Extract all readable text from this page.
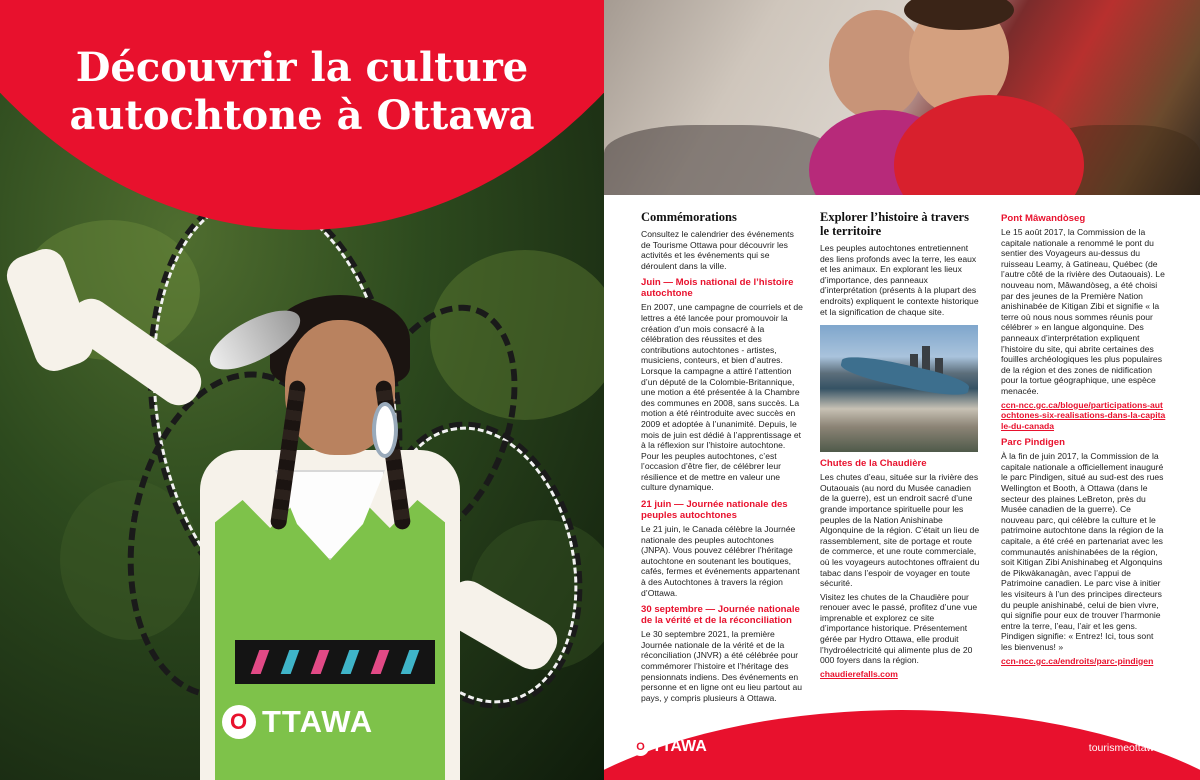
Découvrir la culture
autochtone à Ottawa
O TTAWA
Commémorations

Consultez le calendrier des événements de Tourisme Ottawa pour découvrir les activités et les événements qui se déroulent dans la ville.

Juin — Mois national de l’histoire autochtone

En 2007, une campagne de courriels et de lettres a été lancée pour promouvoir la création d’un mois consacré à la célébration des réussites et des contributions autochtones - artistes, musiciens, conteurs, et bien d’autres. Lorsque la campagne a attiré l’attention d’un député de la Colombie-Britannique, une motion a été présentée à la Chambre des communes en 2008, sans succès. La motion a été réintroduite avec succès en 2009 et adoptée à l’unanimité. Depuis, le mois de juin est dédié à l’apprentissage et à la réflexion sur l’histoire autochtone. Pour les peuples autochtones, c’est l’occasion d’être fier, de célébrer leur résilience et de mettre en valeur une culture dynamique.

21 juin — Journée nationale des peuples autochtones

Le 21 juin, le Canada célèbre la Journée nationale des peuples autochtones (JNPA). Vous pouvez célébrer l’héritage autochtone en soutenant les boutiques, cafés, fermes et événements appartenant à des Autochtones à travers la région d’Ottawa.

30 septembre — Journée nationale de la vérité et de la réconciliation

Le 30 septembre 2021, la première Journée nationale de la vérité et de la réconciliation (JNVR) a été célébrée pour commémorer l’histoire et l’héritage des pensionnats indiens. Des événements en personne et en ligne ont eu lieu partout au pays, y compris plusieurs à Ottawa.

Explorer l’histoire à travers le territoire

Les peuples autochtones entretiennent des liens profonds avec la terre, les eaux et les animaux. En explorant les lieux d’importance, des panneaux d’interprétation (présents à la plupart des endroits) expliquent le contexte historique et la signification de chaque site.

Chutes de la Chaudière

Les chutes d’eau, située sur la rivière des Outaouais (au nord du Musée canadien de la guerre), est un endroit sacré d’une grande importance spirituelle pour les peuples de la Nation Anishinabe Algonquine de la région. C’était un lieu de rassemblement, site de portage et route de commerce, et une route commerciale, où les voyageurs autochtones offraient du tabac dans l’espoir de voyager en toute sécurité.

Visitez les chutes de la Chaudière pour renouer avec le passé, profitez d’une vue imprenable et explorez ce site d’importance historique. Présentement gérée par Hydro Ottawa, elle produit l’hydroélectricité qui alimente plus de 20 000 foyers dans la région.

chaudierefalls.com
Pont Mâwandòseg

Le 15 août 2017, la Commission de la capitale nationale a renommé le pont du sentier des Voyageurs au-dessus du ruisseau Leamy, à Gatineau, Québec (de l’autre côté de la rivière des Outaouais). Le nouveau nom, Mâwandòseg, a été choisi par des jeunes de la Première Nation anishinabée de Kitigan Zibi et signifie « la terre où nous nous sommes réunis pour célébrer » en langue algonquine. Des panneaux d’interprétation expliquent l’histoire du site, qui abrite certaines des fouilles archéologiques les plus populaires de la région et des zones de nidification pour la tortue géographique, une espèce menacée.

ccn-ncc.gc.ca/blogue/participations-autochtones-six-realisations-dans-la-capitale-du-canada

Parc Pindigen

À la fin de juin 2017, la Commission de la capitale nationale a officiellement inauguré le parc Pindigen, situé au sud-est des rues Wellington et Booth, à Ottawa (dans le secteur des plaines LeBreton, près du Musée canadien de la guerre). Ce nouveau parc, qui célèbre la culture et le patrimoine autochtone dans la région de la capitale, a été créé en partenariat avec les communautés anishinabées de la région, soit Kitigan Zibi Anishinabeg et Algonquins de Pikwàkanagàn, avec l’appui de Patrimoine canadien. Le parc vise à initier les visiteurs à l’un des principes directeurs du peuple anishinabé, celui de bien vivre, qui signifie pour eux de trouver l’harmonie entre la terre, l’eau, l’air et les gens. Pindigen signifie: « Entrez! Ici, tous sont les bienvenus! »

ccn-ncc.gc.ca/endroits/parc-pindigen
O TTAWA	tourismeottawa.ca
